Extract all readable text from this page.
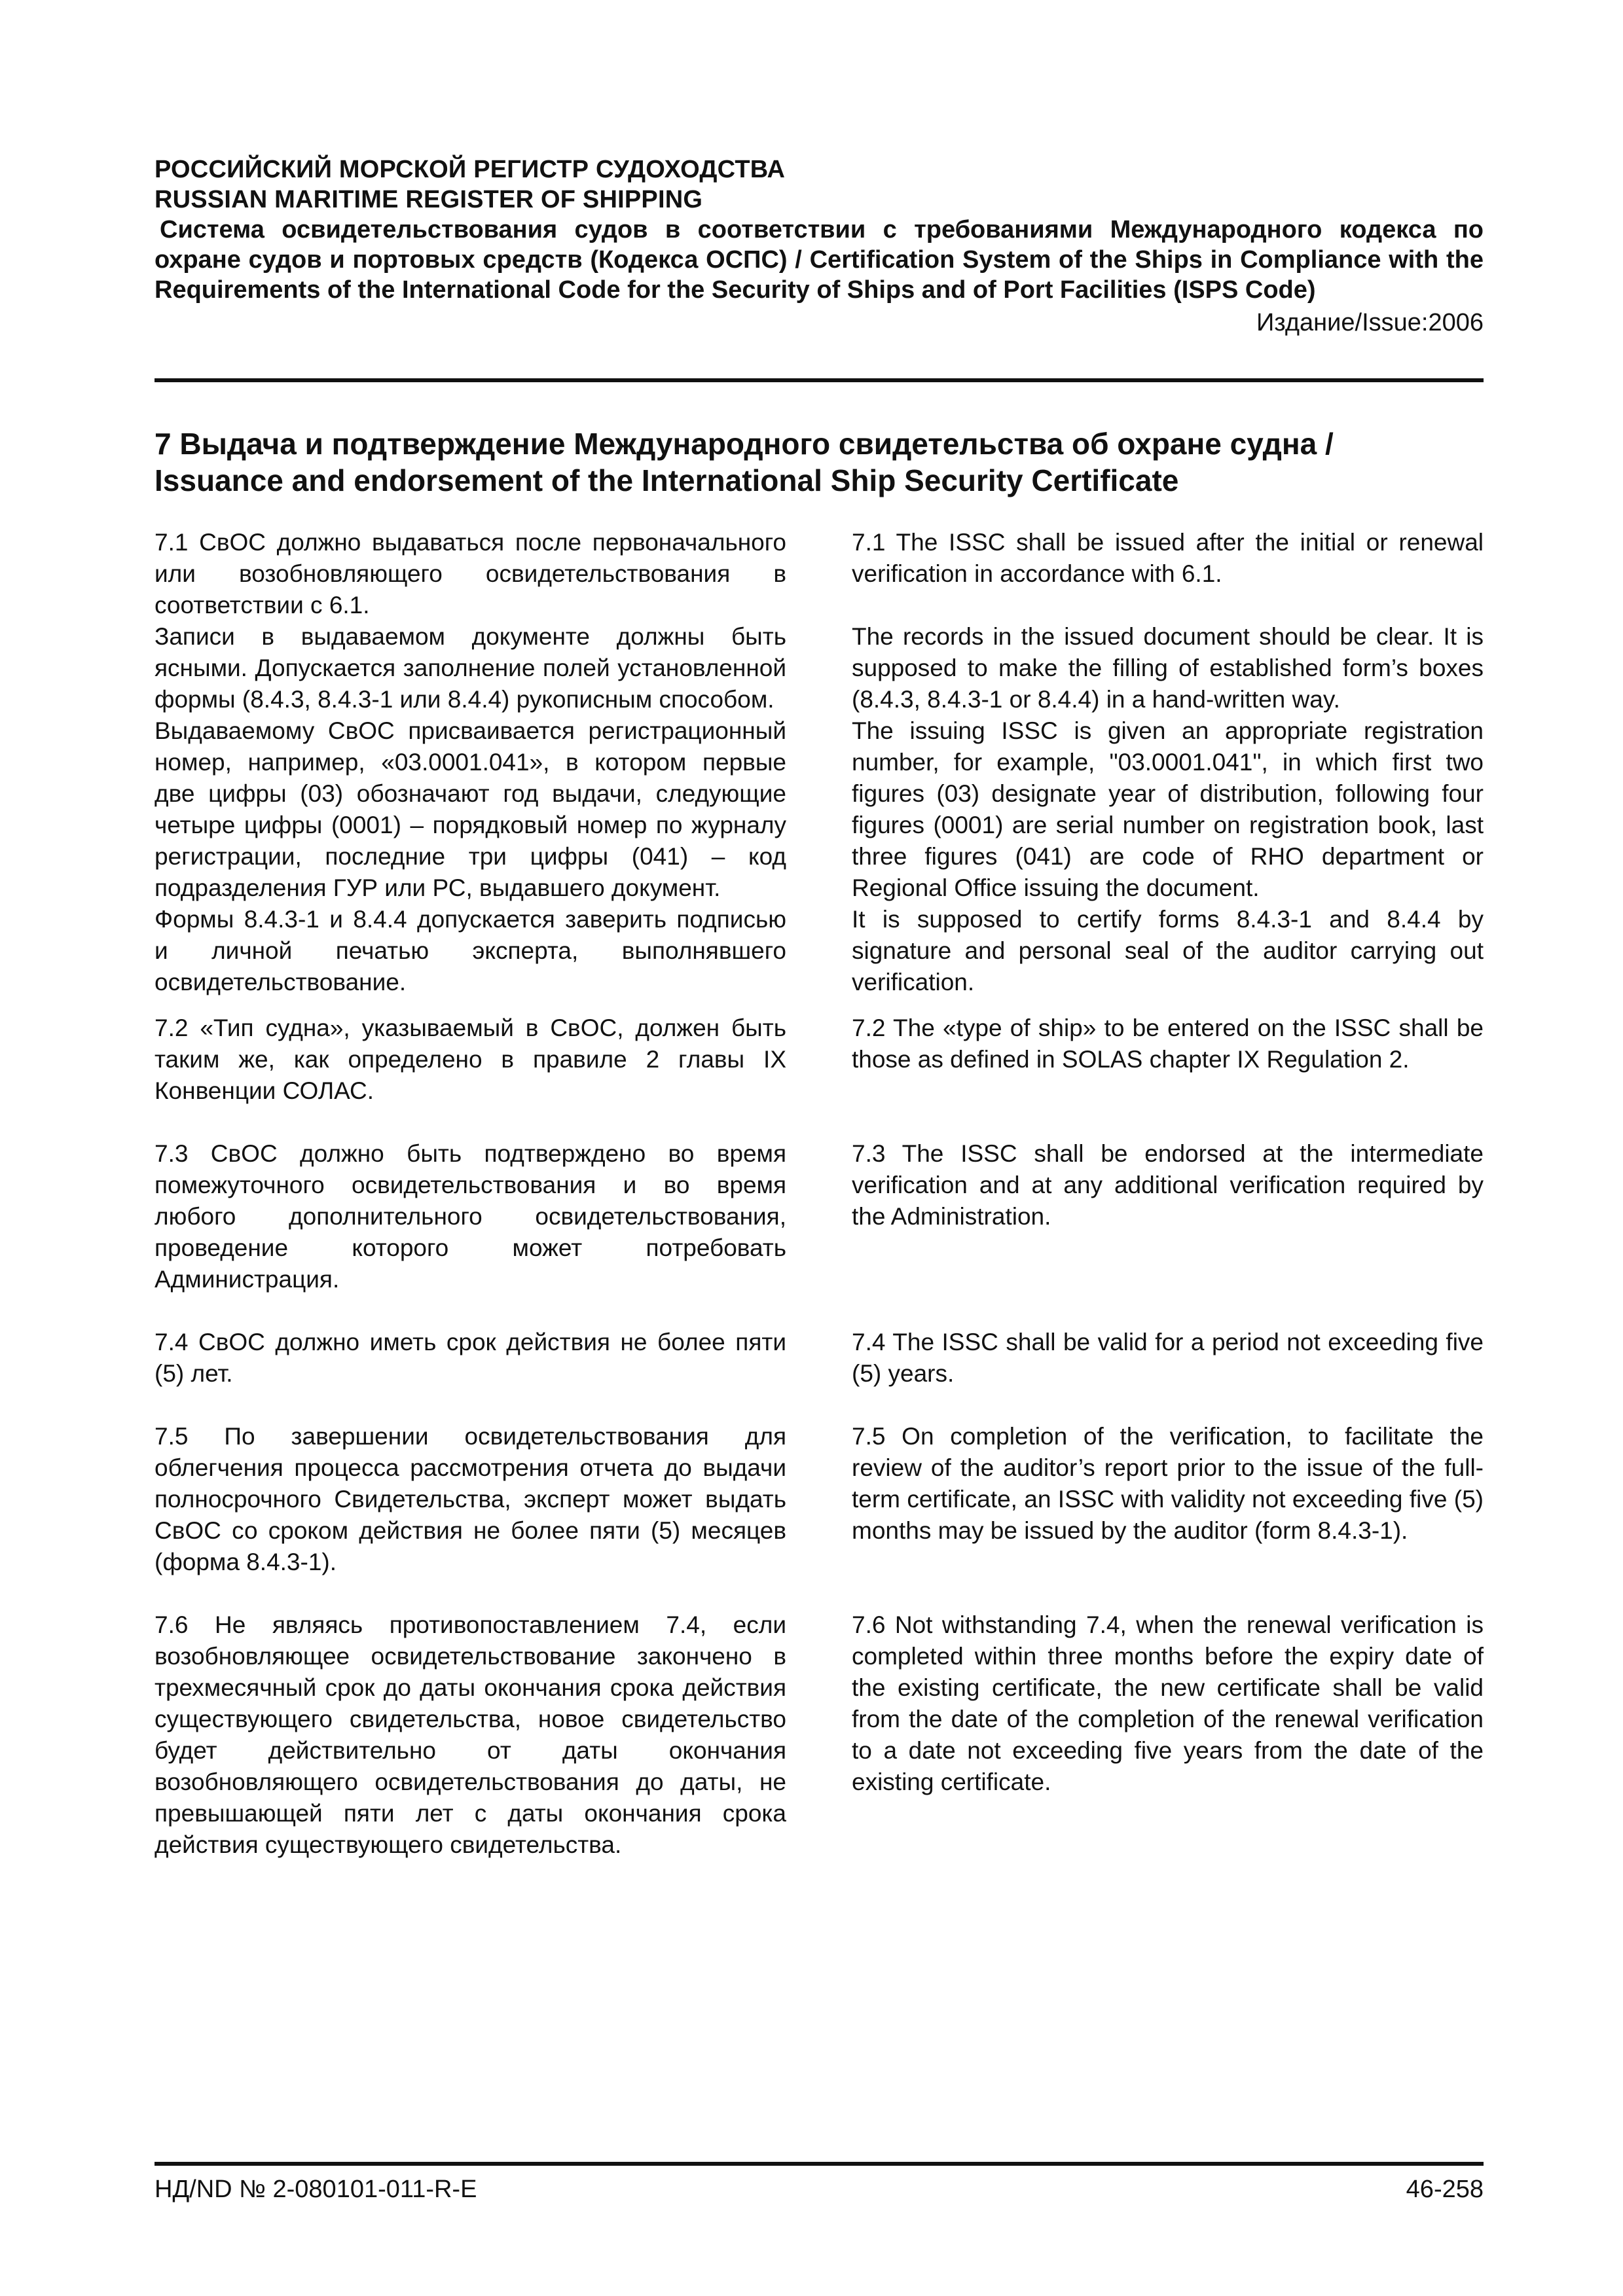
РОССИЙСКИЙ МОРСКОЙ РЕГИСТР СУДОХОДСТВА
RUSSIAN MARITIME REGISTER OF SHIPPING
Система освидетельствования судов в соответствии с требованиями Международного кодекса по охране судов и портовых средств (Кодекса ОСПС) / Certification System of the Ships in Compliance with the Requirements of the International Code for the Security of Ships and of Port Facilities (ISPS Code)
Издание/Issue:2006
7 Выдача и подтверждение Международного свидетельства об охране судна /
Issuance and endorsement of the International Ship Security Certificate

7.1 СвОС должно выдаваться после первоначального или возобновляющего освидетельствования в соответствии с 6.1.

Записи в выдаваемом документе должны быть ясными. Допускается заполнение полей установленной формы (8.4.3, 8.4.3-1 или 8.4.4) рукописным способом.

Выдаваемому СвОС присваивается регистрационный номер, например, «03.0001.041», в котором первые две цифры (03) обозначают год выдачи, следующие четыре цифры (0001) – порядковый номер по журналу регистрации, последние три цифры (041) – код подразделения ГУР или РС, выдавшего документ.

Формы 8.4.3-1 и 8.4.4 допускается заверить подписью и личной печатью эксперта, выполнявшего освидетельствование.

7.1 The ISSC shall be issued after the initial or renewal verification in accordance with 6.1.

The records in the issued document should be clear. It is supposed to make the filling of established form’s boxes (8.4.3, 8.4.3-1 or 8.4.4) in a hand-written way.

The issuing ISSC is given an appropriate registration number, for example, "03.0001.041", in which first two figures (03) designate year of distribution, following four figures (0001) are serial number on registration book, last three figures (041) are code of RHO department or Regional Office issuing the document.

It is supposed to certify forms 8.4.3-1 and 8.4.4 by signature and personal seal of the auditor carrying out verification.

7.2 «Тип судна», указываемый в СвОС, должен быть таким же, как определено в правиле 2 главы IX Конвенции СОЛАС.

7.2 The «type of ship» to be entered on the ISSC shall be those as defined in SOLAS chapter IX Regulation 2.

7.3 СвОС должно быть подтверждено во время помежуточного освидетельствования и во время любого дополнительного освидетельствования, проведение которого может потребовать Администрация.

7.3 The ISSC shall be endorsed at the intermediate verification and at any additional verification required by the Administration.

7.4 СвОС должно иметь срок действия не более пяти (5) лет.

7.4 The ISSC shall be valid for a period not exceeding five (5) years.

7.5 По завершении освидетельствования для облегчения процесса рассмотрения отчета до выдачи полносрочного Свидетельства, эксперт может выдать СвОС со сроком действия не более пяти (5) месяцев (форма 8.4.3-1).

7.5 On completion of the verification, to facilitate the review of the auditor’s report prior to the issue of the full-term certificate, an ISSC with validity not exceeding five (5) months may be issued by the auditor (form 8.4.3-1).

7.6 Не являясь противопоставлением 7.4, если возобновляющее освидетельствование закончено в трехмесячный срок до даты окончания срока действия существующего свидетельства, новое свидетельство будет действительно от даты окончания возобновляющего освидетельствования до даты, не превышающей пяти лет с даты окончания срока действия существующего свидетельства.

7.6 Not withstanding 7.4, when the renewal verification is completed within three months before the expiry date of the existing certificate, the new certificate shall be valid from the date of the completion of the renewal verification to a date not exceeding five years from the date of the existing certificate.

НД/ND № 2-080101-011-R-E	46-258
